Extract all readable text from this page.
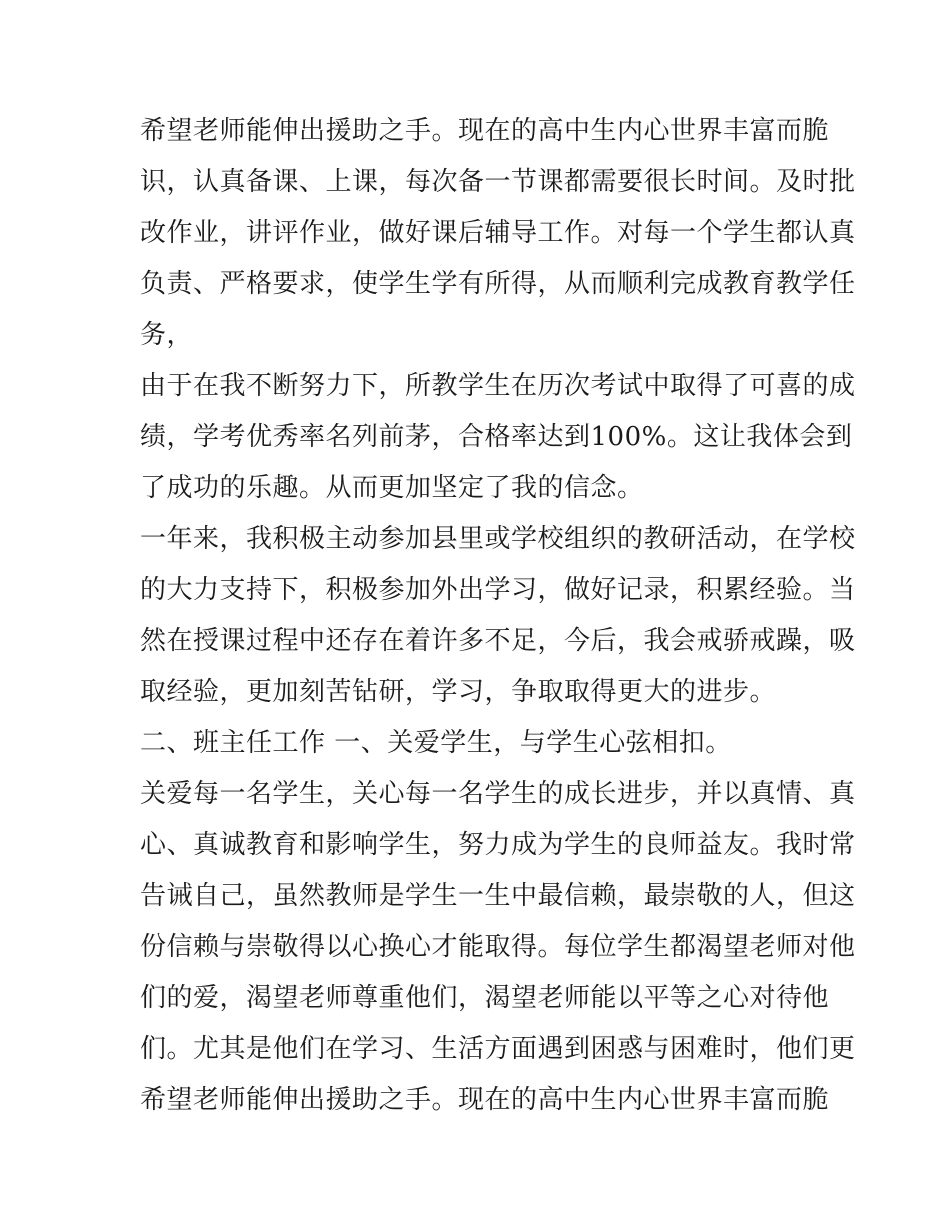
希望老师能伸出援助之手。现在的高中生内心世界丰富而脆
识，认真备课、上课，每次备一节课都需要很长时间。及时批
改作业，讲评作业，做好课后辅导工作。对每一个学生都认真
负责、严格要求，使学生学有所得，从而顺利完成教育教学任
务，
由于在我不断努力下，所教学生在历次考试中取得了可喜的成
绩，学考优秀率名列前茅，合格率达到100%。这让我体会到
了成功的乐趣。从而更加坚定了我的信念。
一年来，我积极主动参加县里或学校组织的教研活动，在学校
的大力支持下，积极参加外出学习，做好记录，积累经验。当
然在授课过程中还存在着许多不足，今后，我会戒骄戒躁，吸
取经验，更加刻苦钻研，学习，争取取得更大的进步。
二、班主任工作 一、关爱学生，与学生心弦相扣。
关爱每一名学生，关心每一名学生的成长进步，并以真情、真
心、真诚教育和影响学生，努力成为学生的良师益友。我时常
告诫自己，虽然教师是学生一生中最信赖，最崇敬的人，但这
份信赖与崇敬得以心换心才能取得。每位学生都渴望老师对他
们的爱，渴望老师尊重他们，渴望老师能以平等之心对待他
们。尤其是他们在学习、生活方面遇到困惑与困难时，他们更
希望老师能伸出援助之手。现在的高中生内心世界丰富而脆
